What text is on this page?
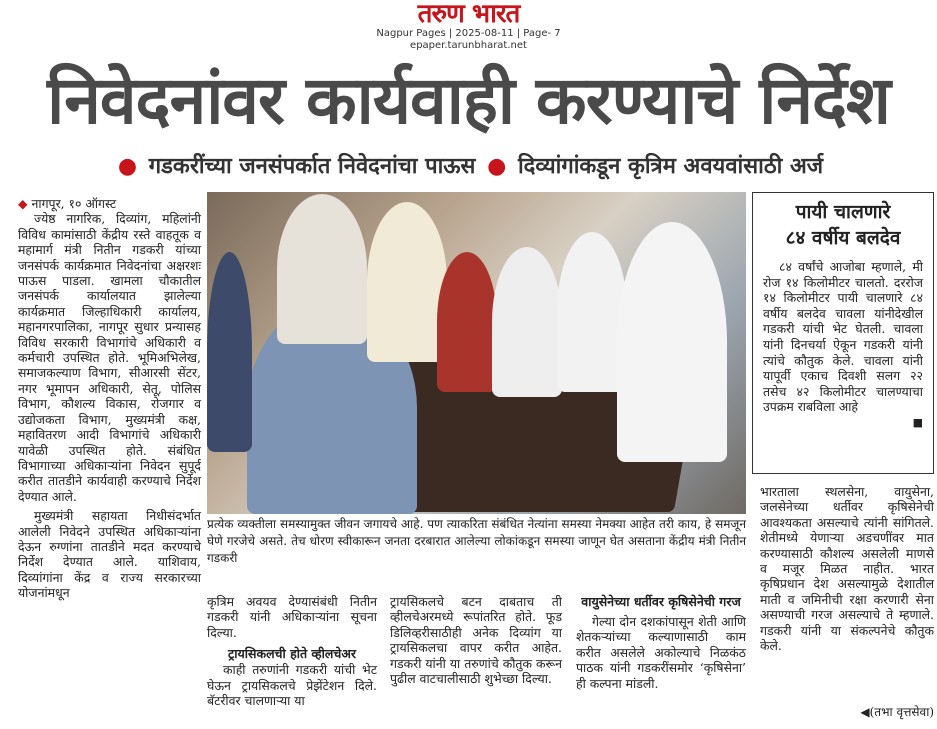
तरुण भारत
Nagpur Pages | 2025-08-11 | Page- 7
epaper.tarunbharat.net
निवेदनांवर कार्यवाही करण्याचे निर्देश
● गडकरींच्या जनसंपर्कात निवेदनांचा पाऊस ● दिव्यांगांकडून कृत्रिम अवयवांसाठी अर्ज

◆ नागपूर, १० ऑगस्ट

ज्येष्ठ नागरिक, दिव्यांग, महिलांनी विविध कामांसाठी केंद्रीय रस्ते वाहतूक व महामार्ग मंत्री नितीन गडकरी यांच्या जनसंपर्क कार्यक्रमात निवेदनांचा अक्षरशः पाऊस पाडला. खामला चौकातील जनसंपर्क कार्यालयात झालेल्या कार्यक्रमात जिल्हाधिकारी कार्यालय, महानगरपालिका, नागपूर सुधार प्रन्यासह विविध सरकारी विभागांचे अधिकारी व कर्मचारी उपस्थित होते. भूमिअभिलेख, समाजकल्याण विभाग, सीआरसी सेंटर, नगर भूमापन अधिकारी, सेतू, पोलिस विभाग, कौशल्य विकास, रोजगार व उद्योजकता विभाग, मुख्यमंत्री कक्ष, महावितरण आदी विभागांचे अधिकारी यावेळी उपस्थित होते. संबंधित विभागाच्या अधिकाऱ्यांना निवेदन सुपूर्द करीत तातडीने कार्यवाही करण्याचे निर्देश देण्यात आले.

मुख्यमंत्री सहायता निधीसंदर्भात आलेली निवेदने उपस्थित अधिकाऱ्यांना देऊन रुग्णांना तातडीने मदत करण्याचे निर्देश देण्यात आले. याशिवाय, दिव्यांगांना केंद्र व राज्य सरकारच्या योजनांमधून

प्रत्येक व्यक्तीला समस्यामुक्त जीवन जगायचे आहे. पण त्याकरिता संबंधित नेत्यांना समस्या नेमक्या आहेत तरी काय, हे समजून घेणे गरजेचे असते. तेच धोरण स्वीकारून जनता दरबारात आलेल्या लोकांकडून समस्या जाणून घेत असताना केंद्रीय मंत्री नितीन गडकरी
पायी चालणारे
८४ वर्षीय बलदेव

८४ वर्षांचे आजोबा म्हणाले, मी रोज १४ किलोमीटर चालतो. दररोज १४ किलोमीटर पायी चालणारे ८४ वर्षीय बलदेव चावला यांनीदेखील गडकरी यांची भेट घेतली. चावला यांनी दिनचर्या ऐकून गडकरी यांनी त्यांचे कौतुक केले. चावला यांनी यापूर्वी एकाच दिवशी सलग २२ तसेच ४२ किलोमीटर चालण्याचा उपक्रम राबविला आहे

■

भारताला स्थलसेना, वायुसेना, जलसेनेच्या धर्तीवर कृषिसेनेची आवश्यकता असल्याचे त्यांनी सांगितले. शेतीमध्ये येणाऱ्या अडचणींवर मात करण्यासाठी कौशल्य असलेली माणसे व मजूर मिळत नाहीत. भारत कृषिप्रधान देश असल्यामुळे देशातील माती व जमिनीची रक्षा करणारी सेना असण्याची गरज असल्याचे ते म्हणाले. गडकरी यांनी या संकल्पनेचे कौतुक केले.

कृत्रिम अवयव देण्यासंबंधी नितीन गडकरी यांनी अधिकाऱ्यांना सूचना दिल्या.

ट्रायसिकलची होते व्हीलचेअर

काही तरुणांनी गडकरी यांची भेट घेऊन ट्रायसिकलचे प्रेझेंटेशन दिले. बॅटरीवर चालणाऱ्या या

ट्रायसिकलचे बटन दाबताच ती व्हीलचेअरमध्ये रूपांतरित होते. फूड डिलिव्हरीसाठीही अनेक दिव्यांग या ट्रायसिकलचा वापर करीत आहेत. गडकरी यांनी या तरुणांचे कौतुक करून पुढील वाटचालीसाठी शुभेच्छा दिल्या.

वायुसेनेच्या धर्तीवर कृषिसेनेची गरज

गेल्या दोन दशकांपासून शेती आणि शेतकऱ्यांच्या कल्याणासाठी काम करीत असलेले अकोल्याचे निळकंठ पाठक यांनी गडकरींसमोर ‘कृषिसेना’ ही कल्पना मांडली.

◀(तभा वृत्तसेवा)
